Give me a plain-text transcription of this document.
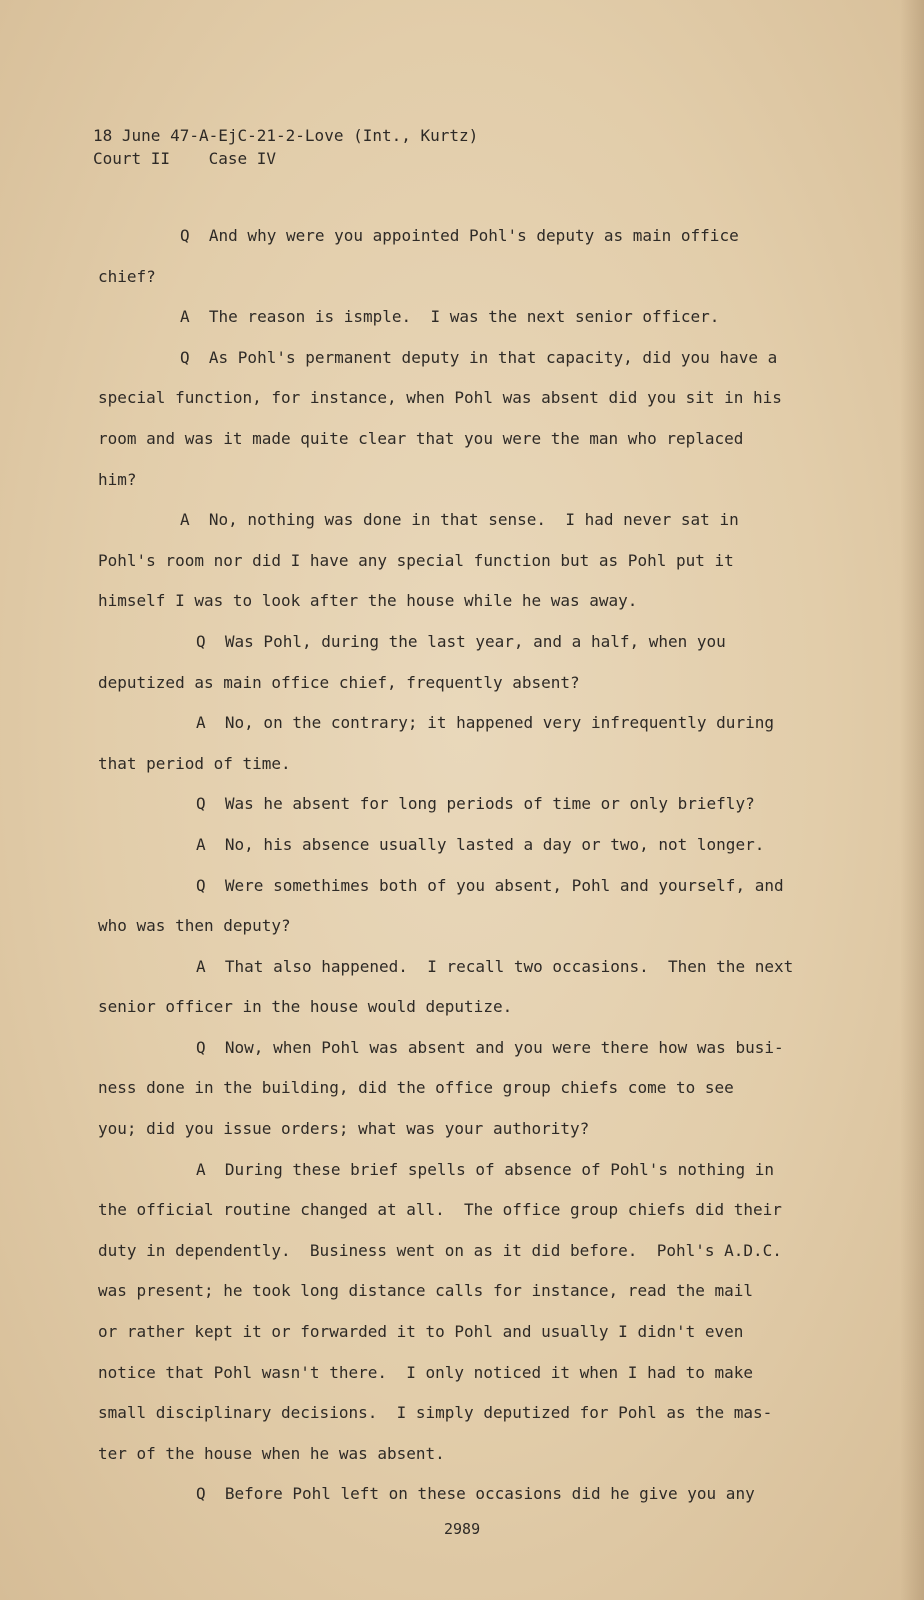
18 June 47-A-EjC-21-2-Love (Int., Kurtz)
Court II    Case IV
Q  And why were you appointed Pohl's deputy as main office
chief?
A  The reason is ismple.  I was the next senior officer.
Q  As Pohl's permanent deputy in that capacity, did you have a
special function, for instance, when Pohl was absent did you sit in his
room and was it made quite clear that you were the man who replaced
him?
A  No, nothing was done in that sense.  I had never sat in
Pohl's room nor did I have any special function but as Pohl put it
himself I was to look after the house while he was away.
Q  Was Pohl, during the last year, and a half, when you
deputized as main office chief, frequently absent?
A  No, on the contrary; it happened very infrequently during
that period of time.
Q  Was he absent for long periods of time or only briefly?
A  No, his absence usually lasted a day or two, not longer.
Q  Were somethimes both of you absent, Pohl and yourself, and
who was then deputy?
A  That also happened.  I recall two occasions.  Then the next
senior officer in the house would deputize.
Q  Now, when Pohl was absent and you were there how was busi-
ness done in the building, did the office group chiefs come to see
you; did you issue orders; what was your authority?
A  During these brief spells of absence of Pohl's nothing in
the official routine changed at all.  The office group chiefs did their
duty in dependently.  Business went on as it did before.  Pohl's A.D.C.
was present; he took long distance calls for instance, read the mail
or rather kept it or forwarded it to Pohl and usually I didn't even
notice that Pohl wasn't there.  I only noticed it when I had to make
small disciplinary decisions.  I simply deputized for Pohl as the mas-
ter of the house when he was absent.
Q  Before Pohl left on these occasions did he give you any
2989
